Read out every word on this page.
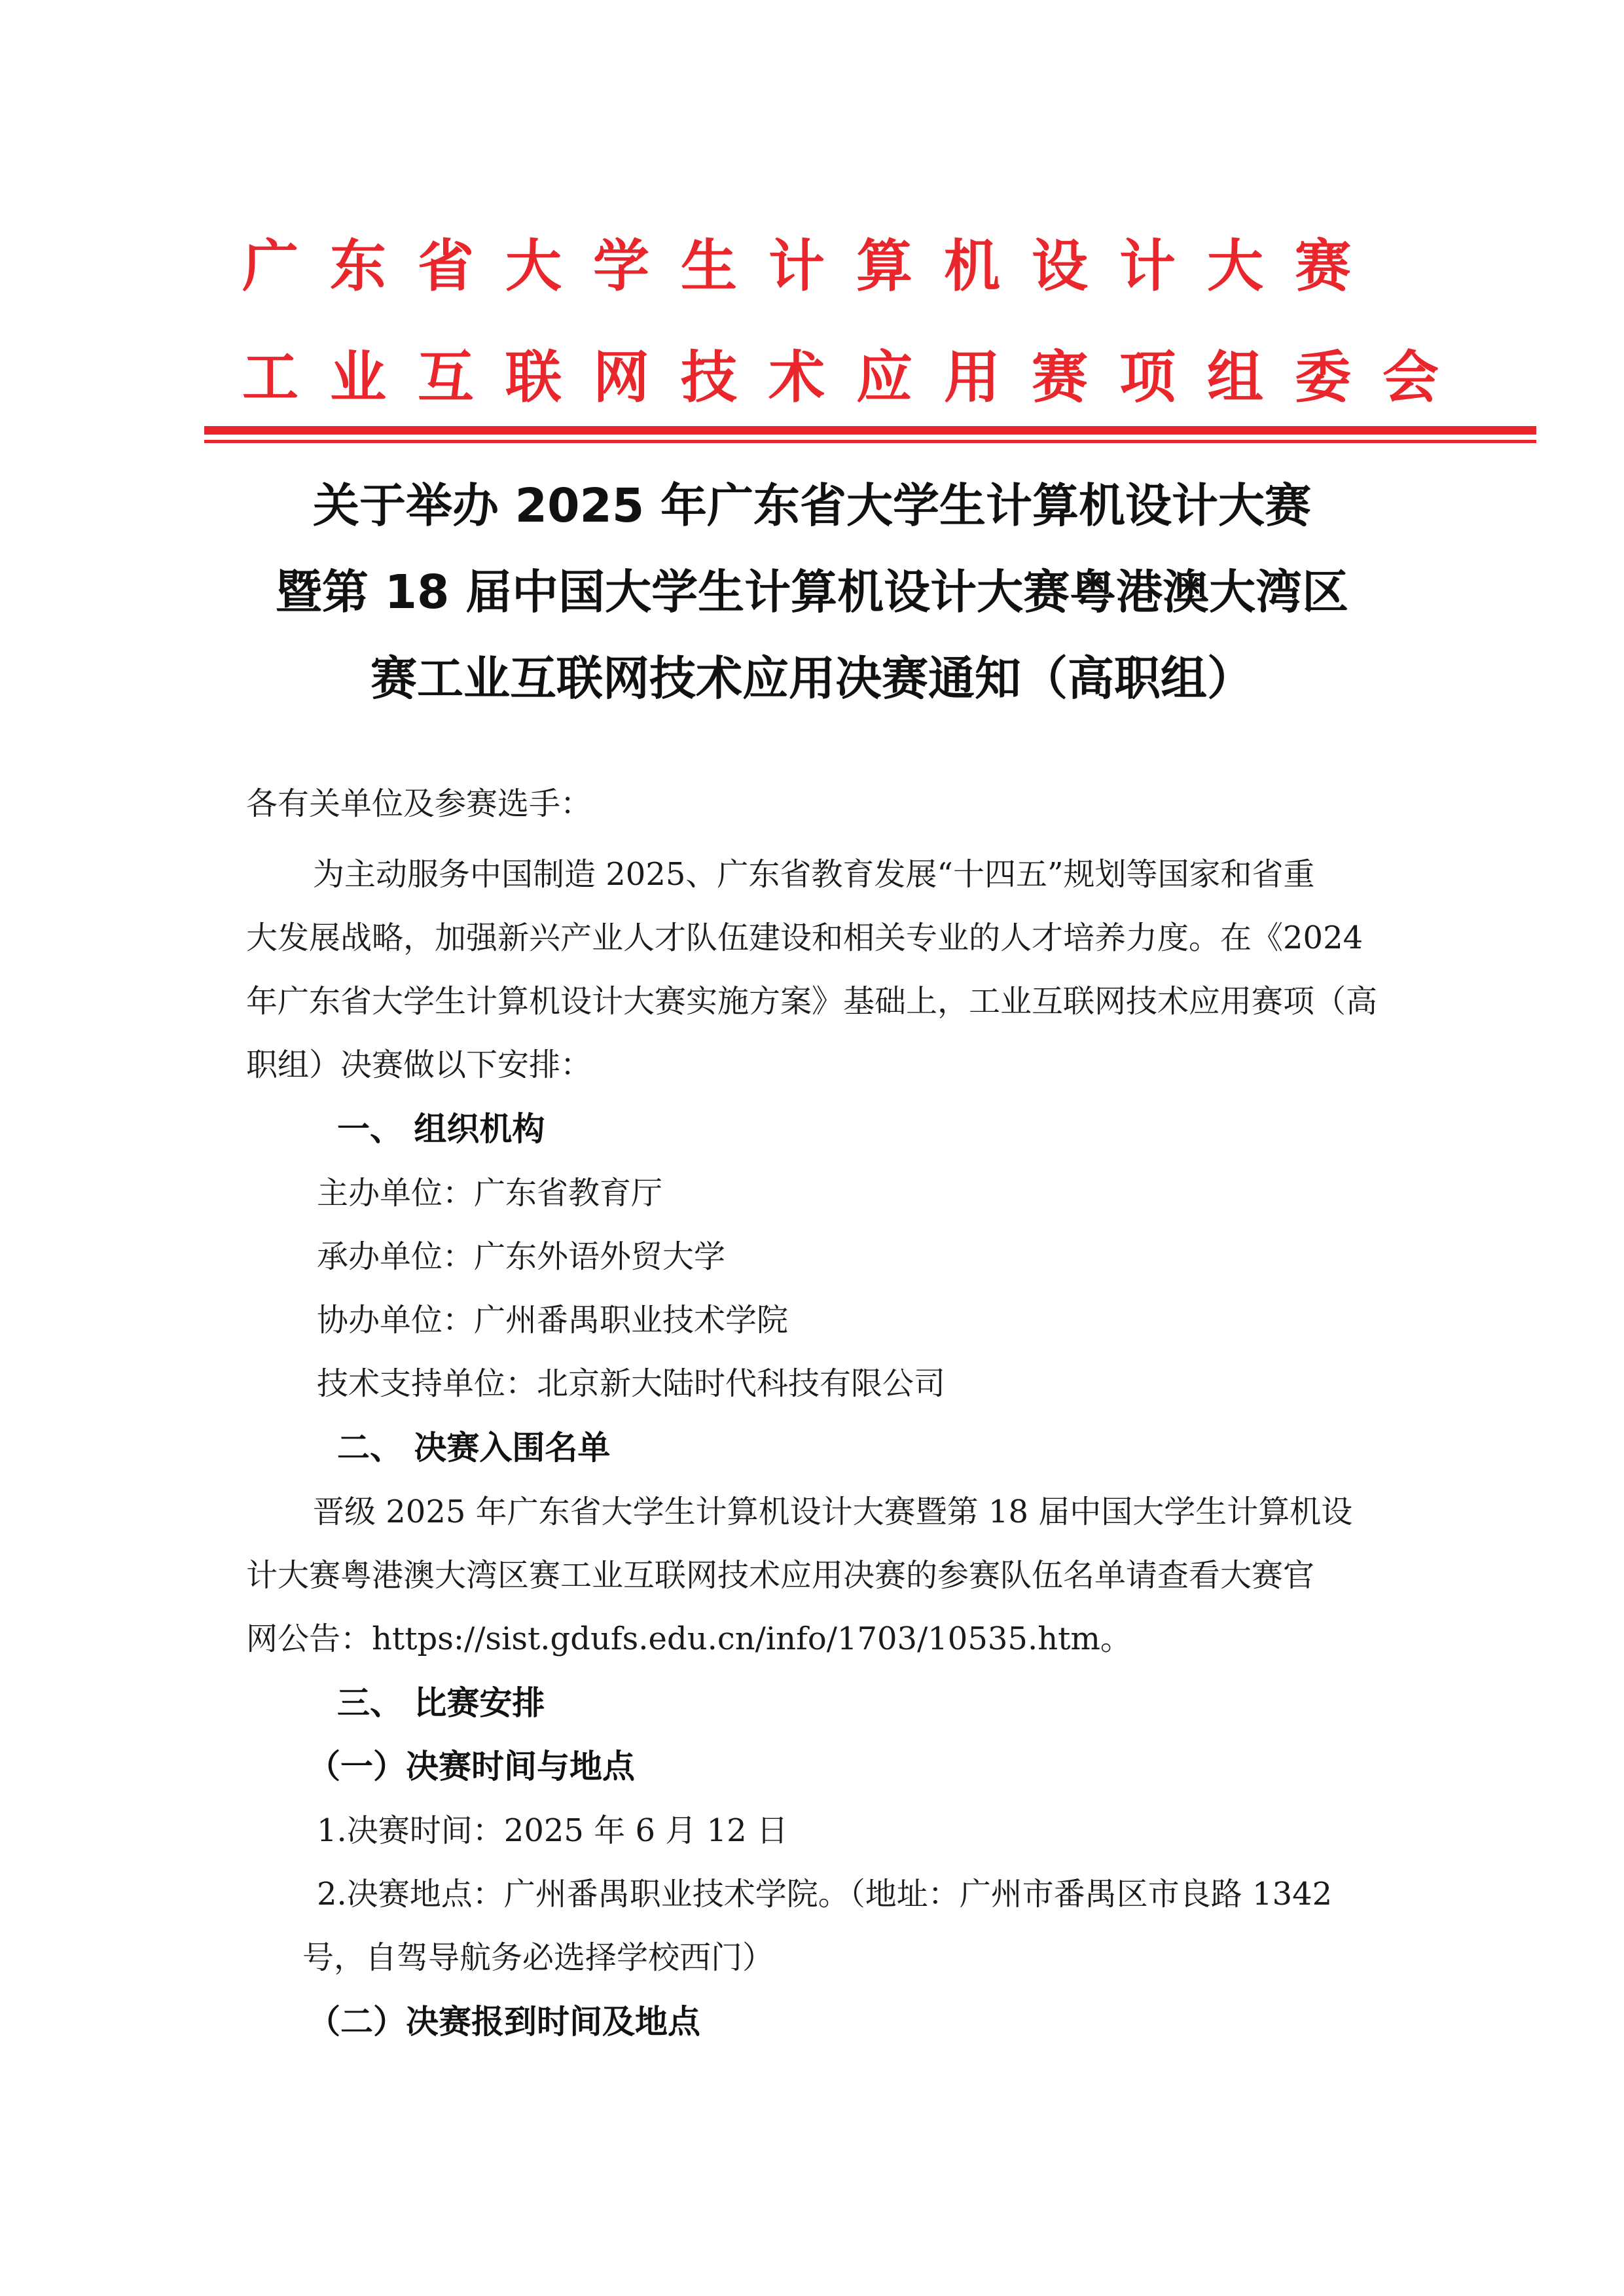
广东省大学生计算机设计大赛

工业互联网技术应用赛项组委会

关于举办 2025 年广东省大学生计算机设计大赛

暨第 18 届中国大学生计算机设计大赛粤港澳大湾区

赛工业互联网技术应用决赛通知（高职组）

各有关单位及参赛选手：

为主动服务中国制造 2025、广东省教育发展“十四五”规划等国家和省重

大发展战略，加强新兴产业人才队伍建设和相关专业的人才培养力度。在《2024

年广东省大学生计算机设计大赛实施方案》基础上，工业互联网技术应用赛项（高

职组）决赛做以下安排：

一、 组织机构

主办单位：广东省教育厅

承办单位：广东外语外贸大学

协办单位：广州番禺职业技术学院

技术支持单位：北京新大陆时代科技有限公司

二、 决赛入围名单

晋级 2025 年广东省大学生计算机设计大赛暨第 18 届中国大学生计算机设

计大赛粤港澳大湾区赛工业互联网技术应用决赛的参赛队伍名单请查看大赛官

网公告：https://sist.gdufs.edu.cn/info/1703/10535.htm。

三、 比赛安排

（一）决赛时间与地点

1.决赛时间：2025 年 6 月 12 日

2.决赛地点：广州番禺职业技术学院。（地址：广州市番禺区市良路 1342

号，自驾导航务必选择学校西门）

（二）决赛报到时间及地点
